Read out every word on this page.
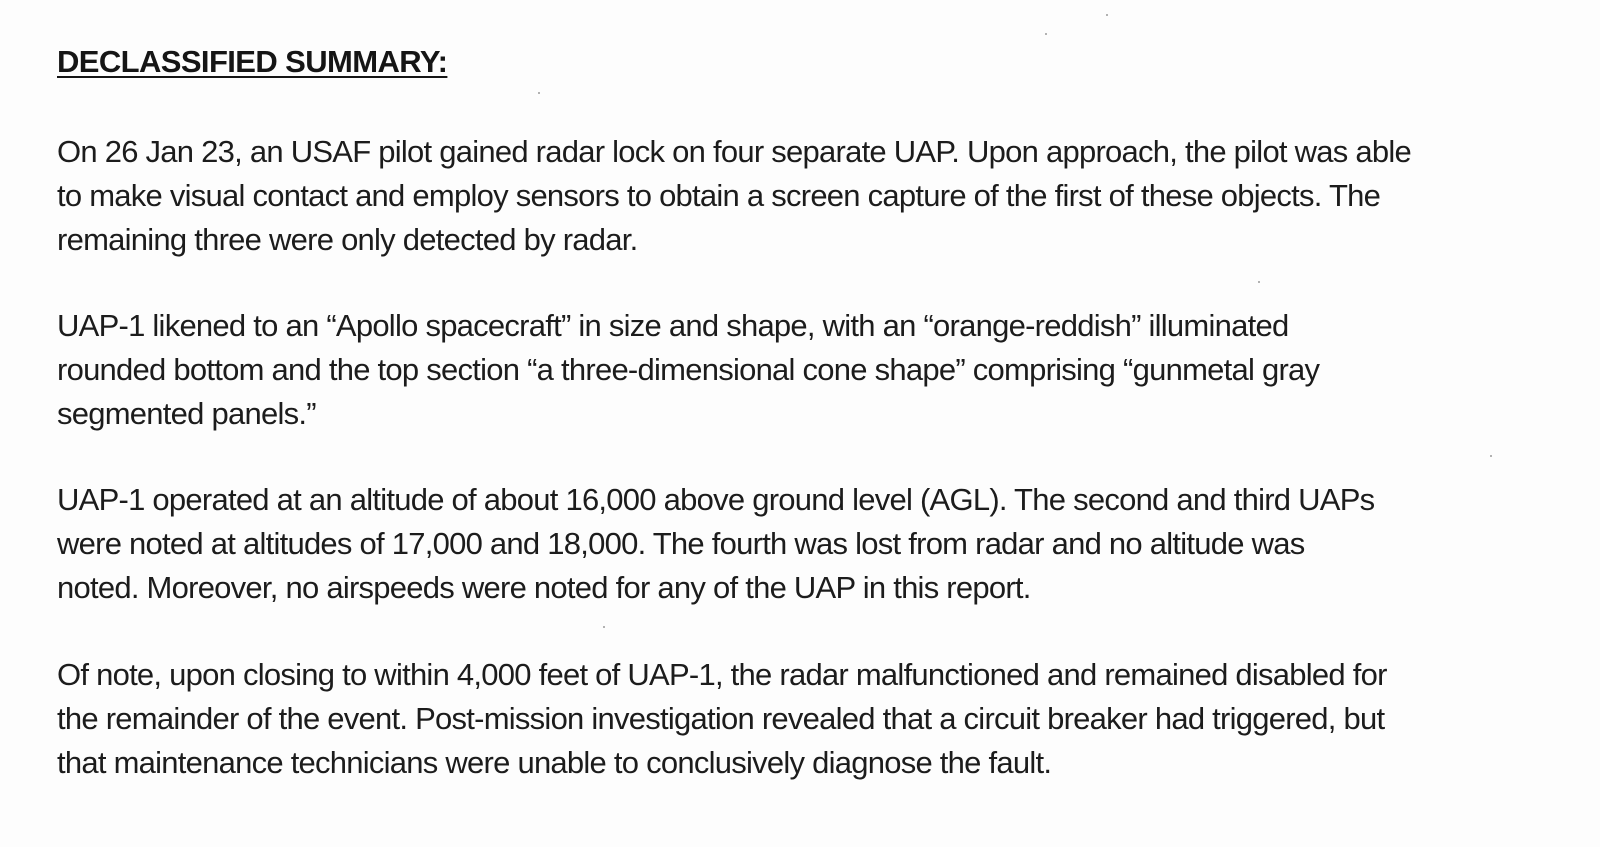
DECLASSIFIED SUMMARY:
On 26 Jan 23, an USAF pilot gained radar lock on four separate UAP. Upon approach, the pilot was able
to make visual contact and employ sensors to obtain a screen capture of the first of these objects. The
remaining three were only detected by radar.
UAP-1 likened to an “Apollo spacecraft” in size and shape, with an “orange-reddish” illuminated
rounded bottom and the top section “a three-dimensional cone shape” comprising “gunmetal gray
segmented panels.”
UAP-1 operated at an altitude of about 16,000 above ground level (AGL). The second and third UAPs
were noted at altitudes of 17,000 and 18,000. The fourth was lost from radar and no altitude was
noted. Moreover, no airspeeds were noted for any of the UAP in this report.
Of note, upon closing to within 4,000 feet of UAP-1, the radar malfunctioned and remained disabled for
the remainder of the event. Post-mission investigation revealed that a circuit breaker had triggered, but
that maintenance technicians were unable to conclusively diagnose the fault.
